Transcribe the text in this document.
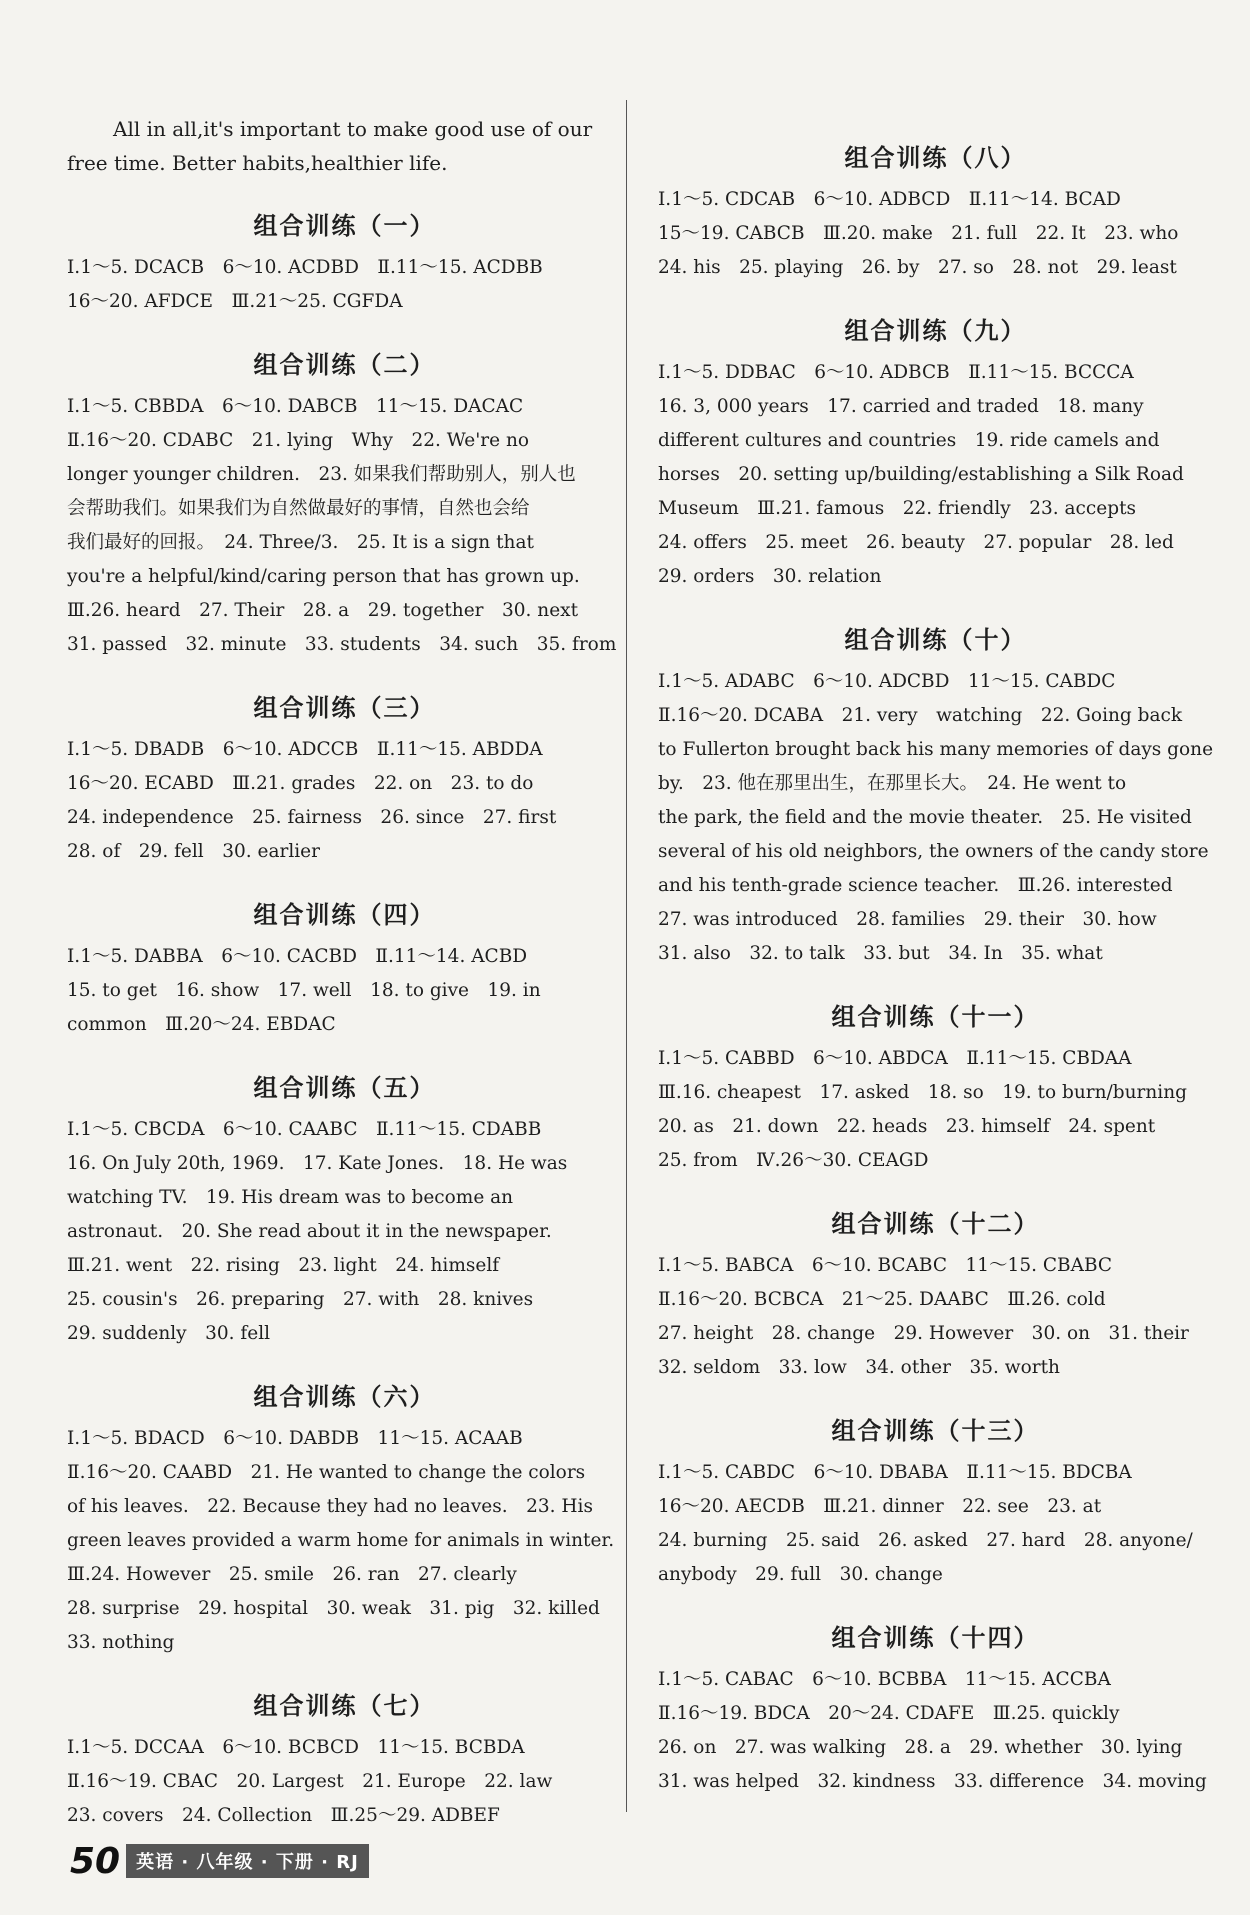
All in all,it's important to make good use of our
free time. Better habits,healthier life.

组合训练（一）

Ⅰ.1～5. DCACB　6～10. ACDBD　Ⅱ.11～15. ACDBB

16～20. AFDCE　Ⅲ.21～25. CGFDA

组合训练（二）

Ⅰ.1～5. CBBDA　6～10. DABCB　11～15. DACAC

Ⅱ.16～20. CDABC　21. lying　Why　22. We're no

longer younger children.　23. 如果我们帮助别人，别人也

会帮助我们。如果我们为自然做最好的事情，自然也会给

我们最好的回报。　24. Three/3.　25. It is a sign that

you're a helpful/kind/caring person that has grown up.

Ⅲ.26. heard　27. Their　28. a　29. together　30. next

31. passed　32. minute　33. students　34. such　35. from

组合训练（三）

Ⅰ.1～5. DBADB　6～10. ADCCB　Ⅱ.11～15. ABDDA

16～20. ECABD　Ⅲ.21. grades　22. on　23. to do

24. independence　25. fairness　26. since　27. first

28. of　29. fell　30. earlier

组合训练（四）

Ⅰ.1～5. DABBA　6～10. CACBD　Ⅱ.11～14. ACBD

15. to get　16. show　17. well　18. to give　19. in

common　Ⅲ.20～24. EBDAC

组合训练（五）

Ⅰ.1～5. CBCDA　6～10. CAABC　Ⅱ.11～15. CDABB

16. On July 20th, 1969.　17. Kate Jones.　18. He was

watching TV.　19. His dream was to become an

astronaut.　20. She read about it in the newspaper.

Ⅲ.21. went　22. rising　23. light　24. himself

25. cousin's　26. preparing　27. with　28. knives

29. suddenly　30. fell

组合训练（六）

Ⅰ.1～5. BDACD　6～10. DABDB　11～15. ACAAB

Ⅱ.16～20. CAABD　21. He wanted to change the colors

of his leaves.　22. Because they had no leaves.　23. His

green leaves provided a warm home for animals in winter.

Ⅲ.24. However　25. smile　26. ran　27. clearly

28. surprise　29. hospital　30. weak　31. pig　32. killed

33. nothing

组合训练（七）

Ⅰ.1～5. DCCAA　6～10. BCBCD　11～15. BCBDA

Ⅱ.16～19. CBAC　20. Largest　21. Europe　22. law

23. covers　24. Collection　Ⅲ.25～29. ADBEF

组合训练（八）

Ⅰ.1～5. CDCAB　6～10. ADBCD　Ⅱ.11～14. BCAD

15～19. CABCB　Ⅲ.20. make　21. full　22. It　23. who

24. his　25. playing　26. by　27. so　28. not　29. least

组合训练（九）

Ⅰ.1～5. DDBAC　6～10. ADBCB　Ⅱ.11～15. BCCCA

16. 3, 000 years　17. carried and traded　18. many

different cultures and countries　19. ride camels and

horses　20. setting up/building/establishing a Silk Road

Museum　Ⅲ.21. famous　22. friendly　23. accepts

24. offers　25. meet　26. beauty　27. popular　28. led

29. orders　30. relation

组合训练（十）

Ⅰ.1～5. ADABC　6～10. ADCBD　11～15. CABDC

Ⅱ.16～20. DCABA　21. very　watching　22. Going back

to Fullerton brought back his many memories of days gone

by.　23. 他在那里出生，在那里长大。　24. He went to

the park, the field and the movie theater.　25. He visited

several of his old neighbors, the owners of the candy store

and his tenth-grade science teacher.　Ⅲ.26. interested

27. was introduced　28. families　29. their　30. how

31. also　32. to talk　33. but　34. In　35. what

组合训练（十一）

Ⅰ.1～5. CABBD　6～10. ABDCA　Ⅱ.11～15. CBDAA

Ⅲ.16. cheapest　17. asked　18. so　19. to burn/burning

20. as　21. down　22. heads　23. himself　24. spent

25. from　Ⅳ.26～30. CEAGD

组合训练（十二）

Ⅰ.1～5. BABCA　6～10. BCABC　11～15. CBABC

Ⅱ.16～20. BCBCA　21～25. DAABC　Ⅲ.26. cold

27. height　28. change　29. However　30. on　31. their

32. seldom　33. low　34. other　35. worth

组合训练（十三）

Ⅰ.1～5. CABDC　6～10. DBABA　Ⅱ.11～15. BDCBA

16～20. AECDB　Ⅲ.21. dinner　22. see　23. at

24. burning　25. said　26. asked　27. hard　28. anyone/

anybody　29. full　30. change

组合训练（十四）

Ⅰ.1～5. CABAC　6～10. BCBBA　11～15. ACCBA

Ⅱ.16～19. BDCA　20～24. CDAFE　Ⅲ.25. quickly

26. on　27. was walking　28. a　29. whether　30. lying

31. was helped　32. kindness　33. difference　34. moving

50 英语 · 八年级 · 下册 · RJ
